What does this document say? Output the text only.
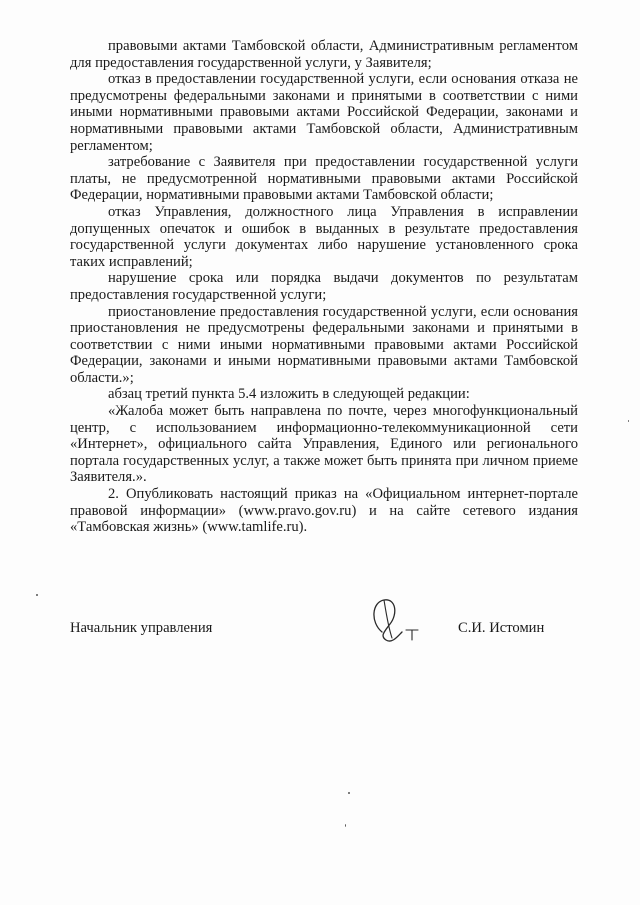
правовыми актами Тамбовской области, Административным регламентом для предоставления государственной услуги, у Заявителя;

отказ в предоставлении государственной услуги, если основания отказа не предусмотрены федеральными законами и принятыми в соответствии с ними иными нормативными правовыми актами Российской Федерации, законами и нормативными правовыми актами Тамбовской области, Административным регламентом;

затребование с Заявителя при предоставлении государственной услуги платы, не предусмотренной нормативными правовыми актами Российской Федерации, нормативными правовыми актами Тамбовской области;

отказ Управления, должностного лица Управления в исправлении допущенных опечаток и ошибок в выданных в результате предоставления государственной услуги документах либо нарушение установленного срока таких исправлений;

нарушение срока или порядка выдачи документов по результатам предоставления государственной услуги;

приостановление предоставления государственной услуги, если основания приостановления не предусмотрены федеральными законами и принятыми в соответствии с ними иными нормативными правовыми актами Российской Федерации, законами и иными нормативными правовыми актами Тамбовской области.»;

абзац третий пункта 5.4 изложить в следующей редакции:

«Жалоба может быть направлена по почте, через многофункциональный центр, с использованием информационно-телекоммуникационной сети «Интернет», официального сайта Управления, Единого или регионального портала государственных услуг, а также может быть принята при личном приеме Заявителя.».

2. Опубликовать настоящий приказ на «Официальном интернет-портале правовой информации» (www.pravo.gov.ru) и на сайте сетевого издания «Тамбовская жизнь» (www.tamlife.ru).

Начальник управления	С.И. Истомин
